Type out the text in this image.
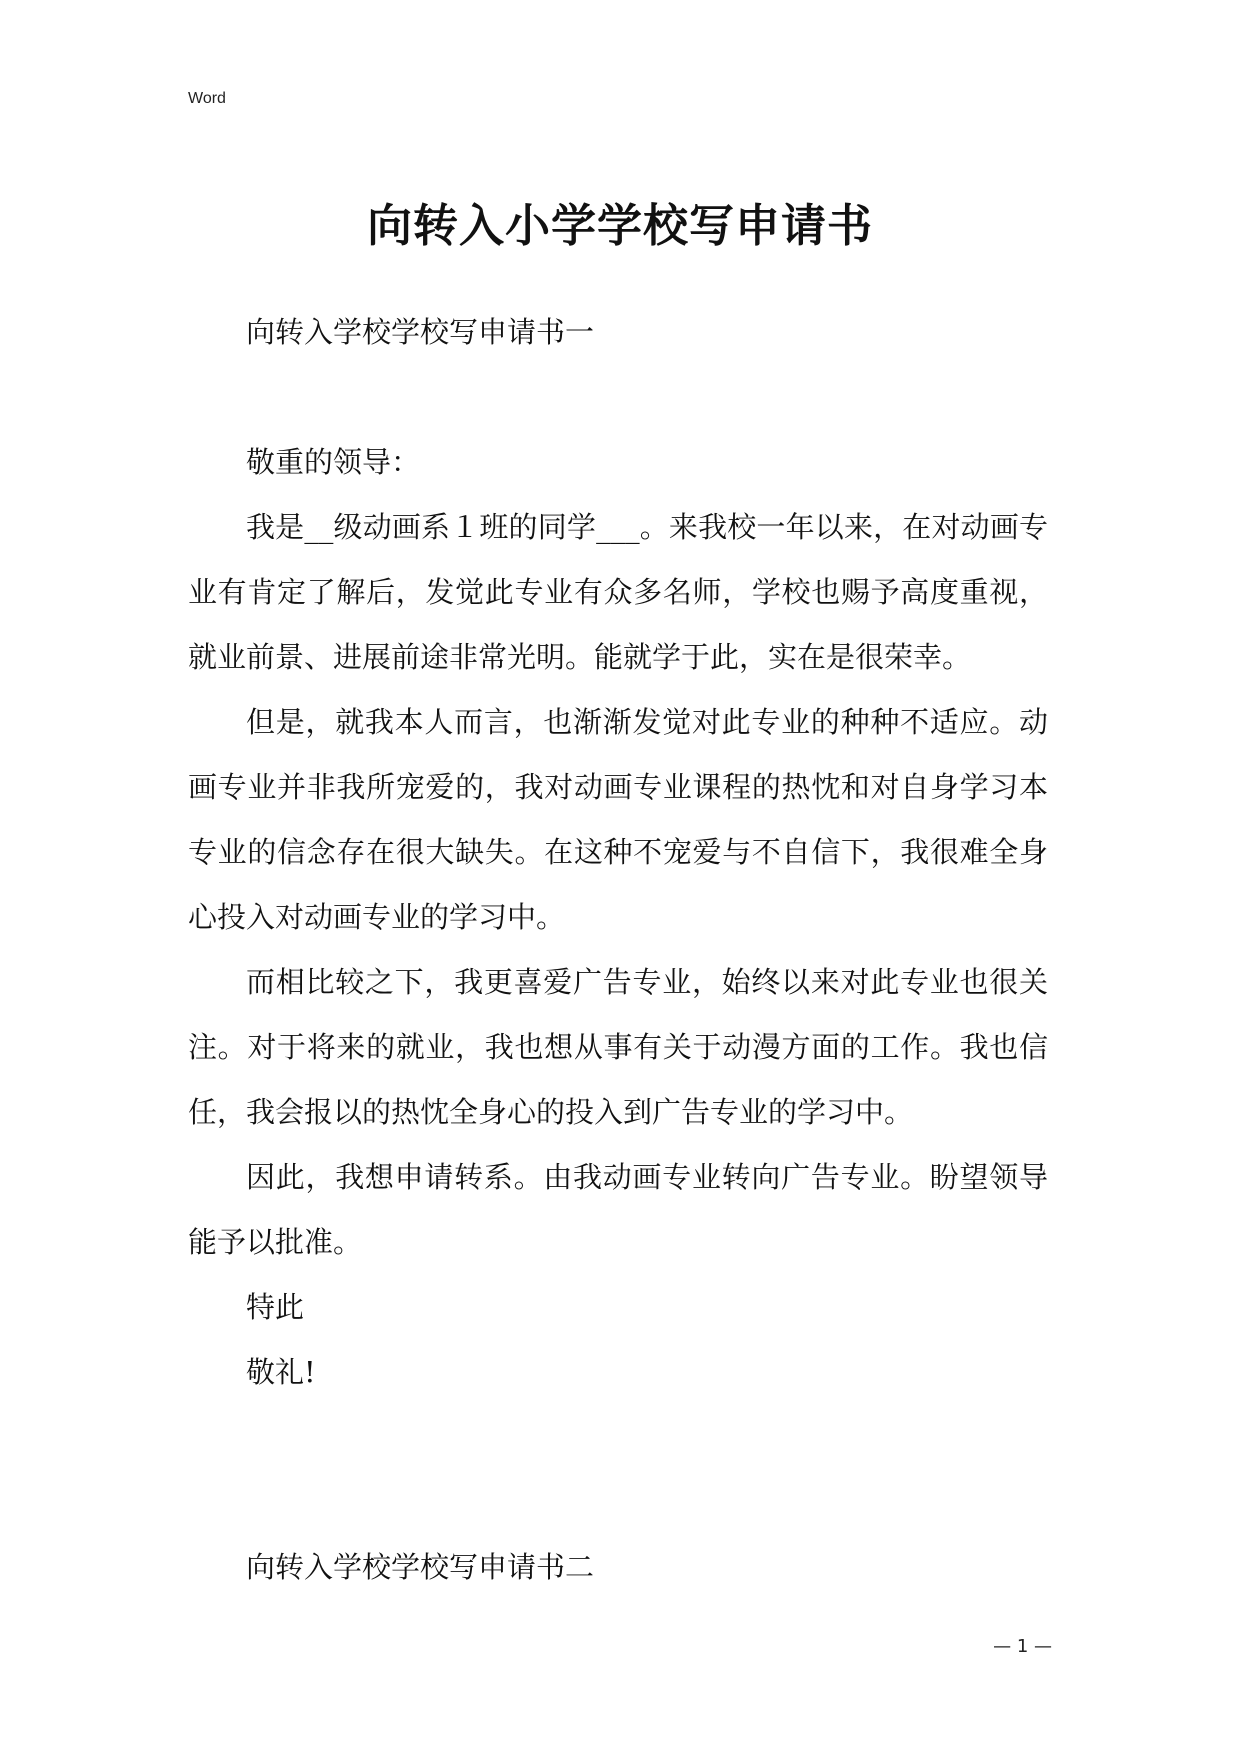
Word
向转入小学学校写申请书

向转入学校学校写申请书一

敬重的领导：

我是__级动画系１班的同学___。来我校一年以来，在对动画专业有肯定了解后，发觉此专业有众多名师，学校也赐予高度重视，就业前景、进展前途非常光明。能就学于此，实在是很荣幸。

但是，就我本人而言，也渐渐发觉对此专业的种种不适应。动画专业并非我所宠爱的，我对动画专业课程的热忱和对自身学习本专业的信念存在很大缺失。在这种不宠爱与不自信下，我很难全身心投入对动画专业的学习中。

而相比较之下，我更喜爱广告专业，始终以来对此专业也很关注。对于将来的就业，我也想从事有关于动漫方面的工作。我也信任，我会报以的热忱全身心的投入到广告专业的学习中。

因此，我想申请转系。由我动画专业转向广告专业。盼望领导能予以批准。

特此

敬礼!

向转入学校学校写申请书二

— 1 —
